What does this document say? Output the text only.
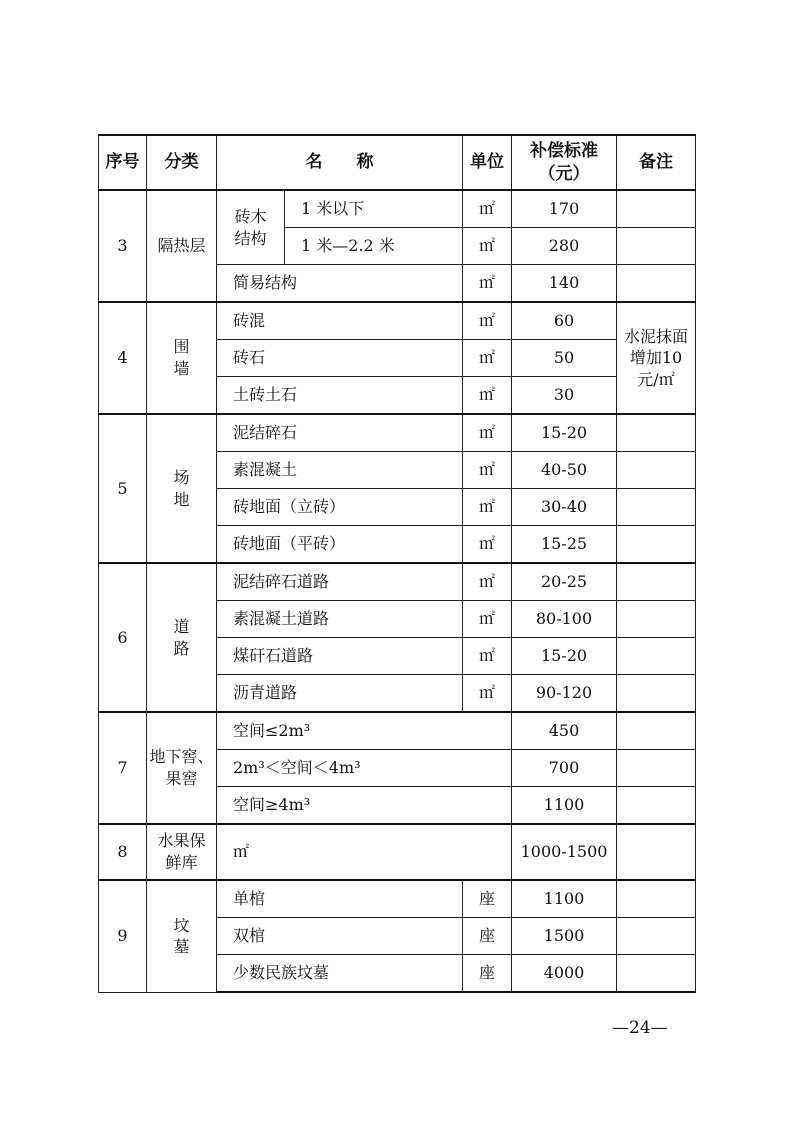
序号	分类	名　　称		单位	补偿标准（元）	备注
3	隔热层	砖木结构	1 米以下	㎡	170	
			1 米—2.2 米	㎡	280	
		简易结构		㎡	140	
4	围墙	砖混		㎡	60	水泥抹面增加10元/㎡
		砖石		㎡	50	
		土砖土石		㎡	30	
5	场地	泥结碎石		㎡	15-20	
		素混凝土		㎡	40-50	
		砖地面（立砖）		㎡	30-40	
		砖地面（平砖）		㎡	15-25	
6	道路	泥结碎石道路		㎡	20-25	
		素混凝土道路		㎡	80-100	
		煤矸石道路		㎡	15-20	
		沥青道路		㎡	90-120	
7	地下窖、果窖	空间≤2m³			450	
		2m³＜空间＜4m³			700	
		空间≥4m³			1100	
8	水果保鲜库	㎡			1000-1500	
9	坟墓	单棺		座	1100	
		双棺		座	1500	
		少数民族坟墓		座	4000	
—24—
